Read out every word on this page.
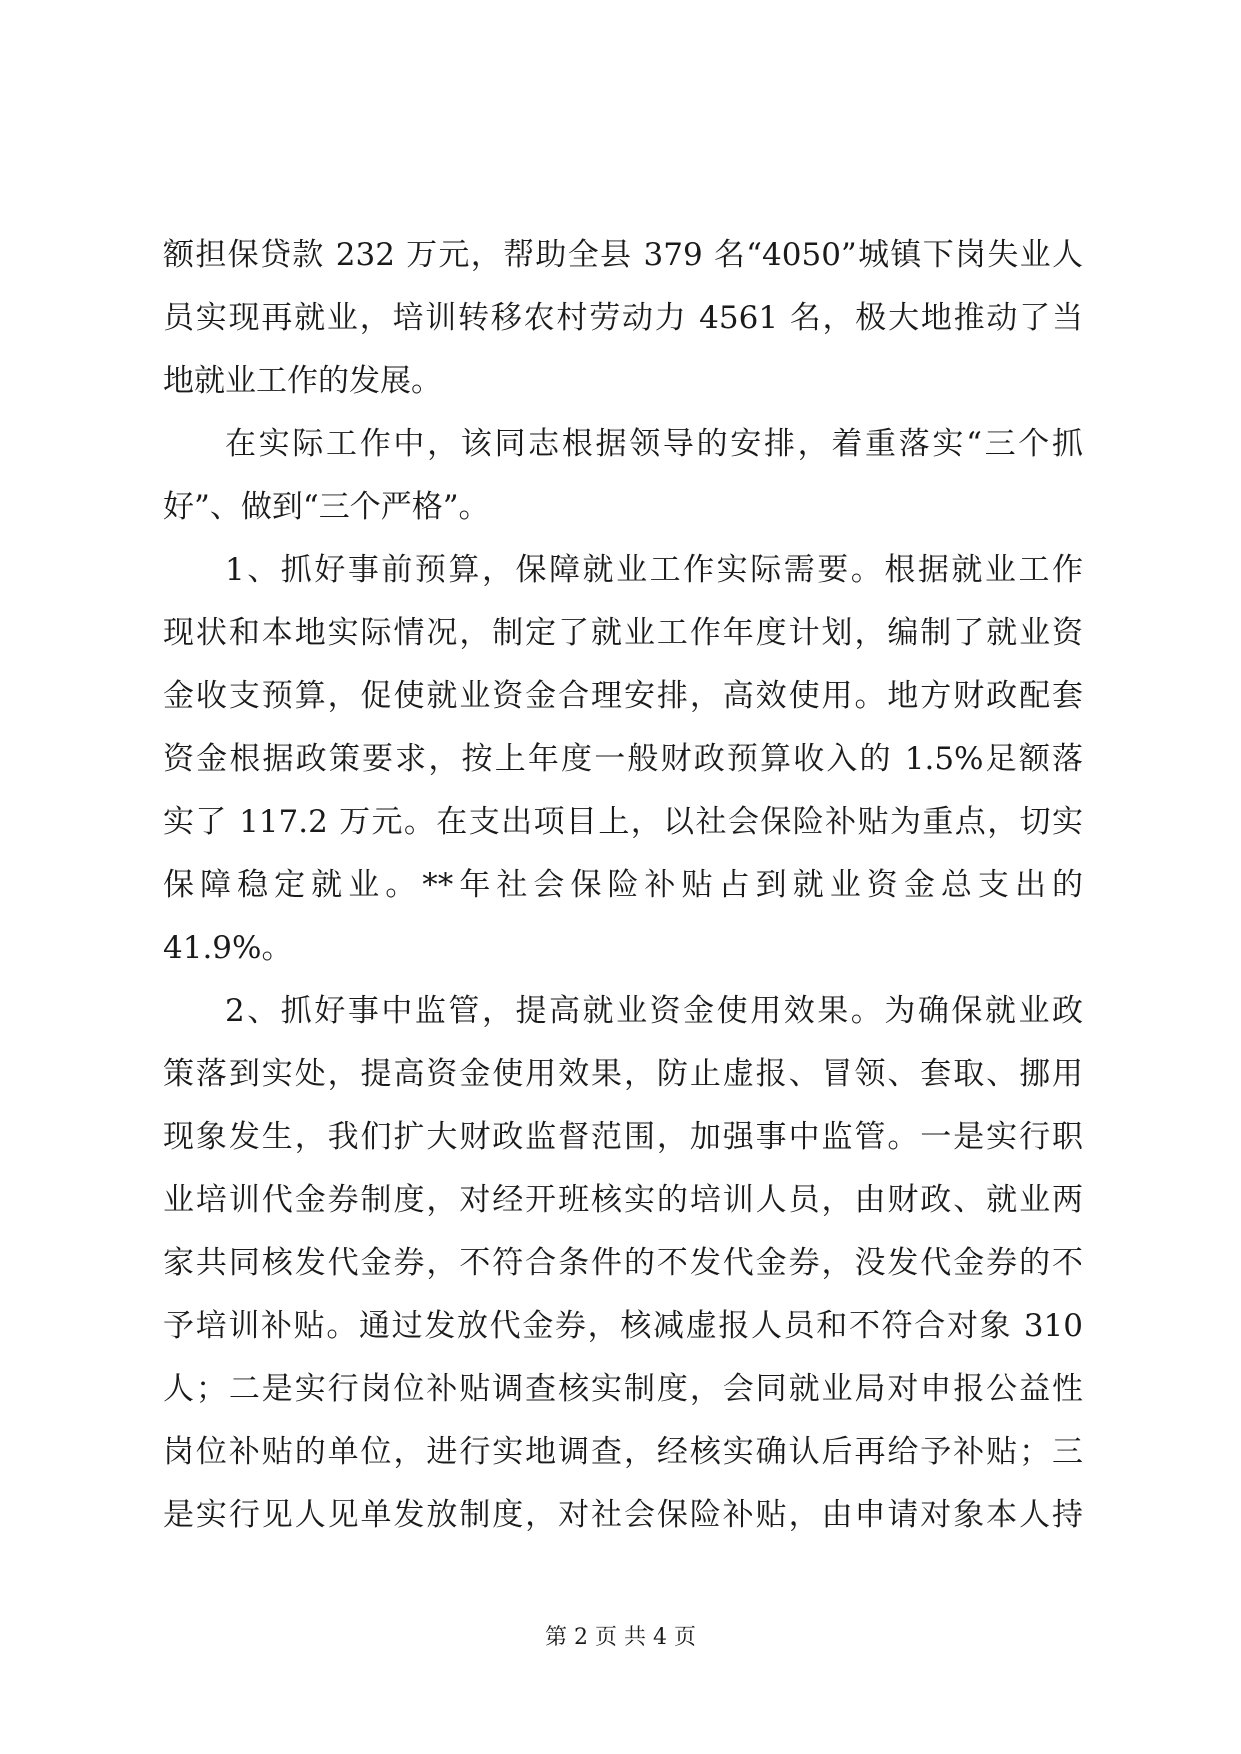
额担保贷款 232 万元，帮助全县 379 名“4050”城镇下岗失业人
员实现再就业，培训转移农村劳动力 4561 名，极大地推动了当
地就业工作的发展。
在实际工作中，该同志根据领导的安排，着重落实“三个抓
好”、做到“三个严格”。
1、抓好事前预算，保障就业工作实际需要。根据就业工作
现状和本地实际情况，制定了就业工作年度计划，编制了就业资
金收支预算，促使就业资金合理安排，高效使用。地方财政配套
资金根据政策要求，按上年度一般财政预算收入的 1.5%足额落
实了 117.2 万元。在支出项目上，以社会保险补贴为重点，切实
保障稳定就业。**年社会保险补贴占到就业资金总支出的
41.9%。
2、抓好事中监管，提高就业资金使用效果。为确保就业政
策落到实处，提高资金使用效果，防止虚报、冒领、套取、挪用
现象发生，我们扩大财政监督范围，加强事中监管。一是实行职
业培训代金券制度，对经开班核实的培训人员，由财政、就业两
家共同核发代金券，不符合条件的不发代金券，没发代金券的不
予培训补贴。通过发放代金券，核减虚报人员和不符合对象 310
人；二是实行岗位补贴调查核实制度，会同就业局对申报公益性
岗位补贴的单位，进行实地调查，经核实确认后再给予补贴；三
是实行见人见单发放制度，对社会保险补贴，由申请对象本人持
第 2 页 共 4 页
